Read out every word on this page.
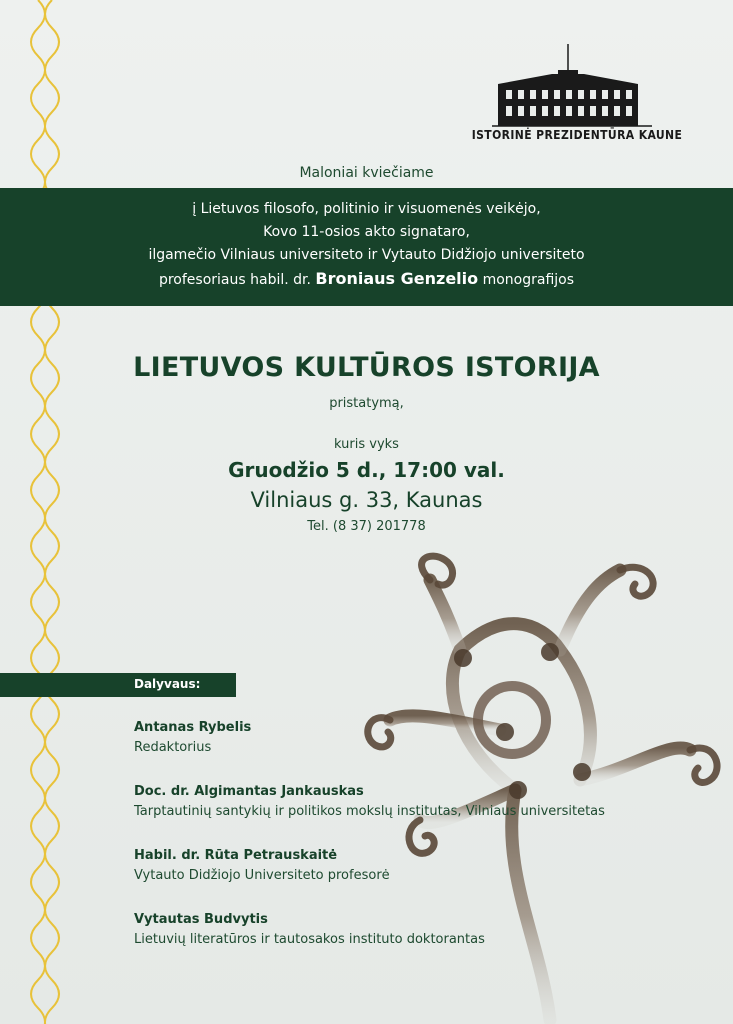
ISTORINĖ PREZIDENTŪRA KAUNE
Maloniai kviečiame
į Lietuvos filosofo, politinio ir visuomenės veikėjo,
Kovo 11-osios akto signataro,
ilgamečio Vilniaus universiteto ir Vytauto Didžiojo universiteto
profesoriaus habil. dr. Broniaus Genzelio monografijos
LIETUVOS KULTŪROS ISTORIJA
pristatymą,
kuris vyks
Gruodžio 5 d., 17:00 val.
Vilniaus g. 33, Kaunas
Tel. (8 37) 201778
Dalyvaus:
Antanas Rybelis
Redaktorius
Doc. dr. Algimantas Jankauskas
Tarptautinių santykių ir politikos mokslų institutas, Vilniaus universitetas
Habil. dr. Rūta Petrauskaitė
Vytauto Didžiojo Universiteto profesorė
Vytautas Budvytis
Lietuvių literatūros ir tautosakos instituto doktorantas
